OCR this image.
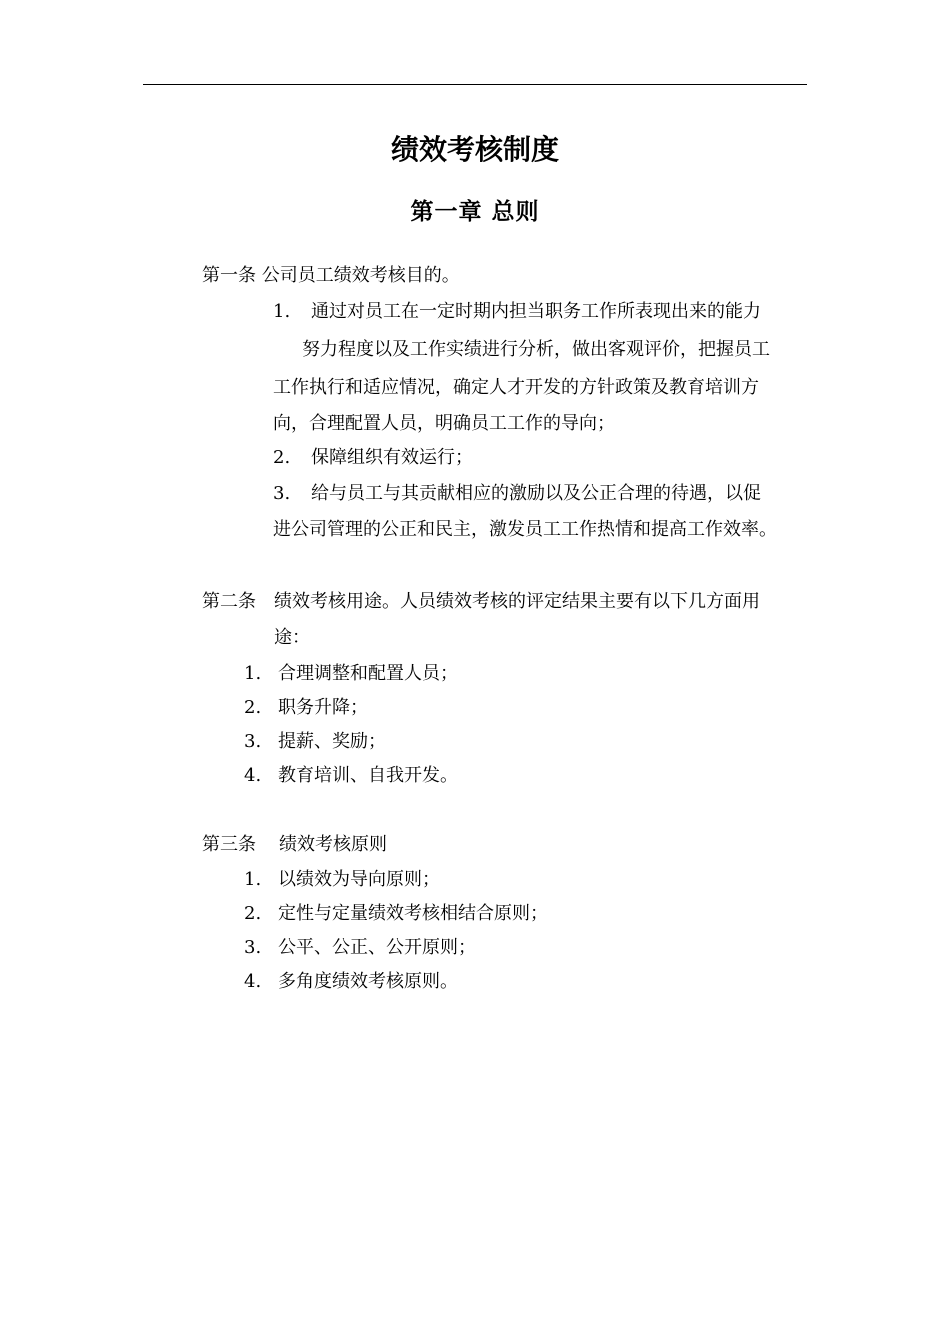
绩效考核制度
第一章 总则
第一条 公司员工绩效考核目的。
1. 通过对员工在一定时期内担当职务工作所表现出来的能力
努力程度以及工作实绩进行分析，做出客观评价，把握员工
工作执行和适应情况，确定人才开发的方针政策及教育培训方
向，合理配置人员，明确员工工作的导向；
2. 保障组织有效运行；
3. 给与员工与其贡献相应的激励以及公正合理的待遇，以促
进公司管理的公正和民主，激发员工工作热情和提高工作效率。
第二条 绩效考核用途。人员绩效考核的评定结果主要有以下几方面用
途：
1. 合理调整和配置人员；
2. 职务升降；
3. 提薪、奖励；
4. 教育培训、自我开发。
第三条 绩效考核原则
1. 以绩效为导向原则；
2. 定性与定量绩效考核相结合原则；
3. 公平、公正、公开原则；
4. 多角度绩效考核原则。
